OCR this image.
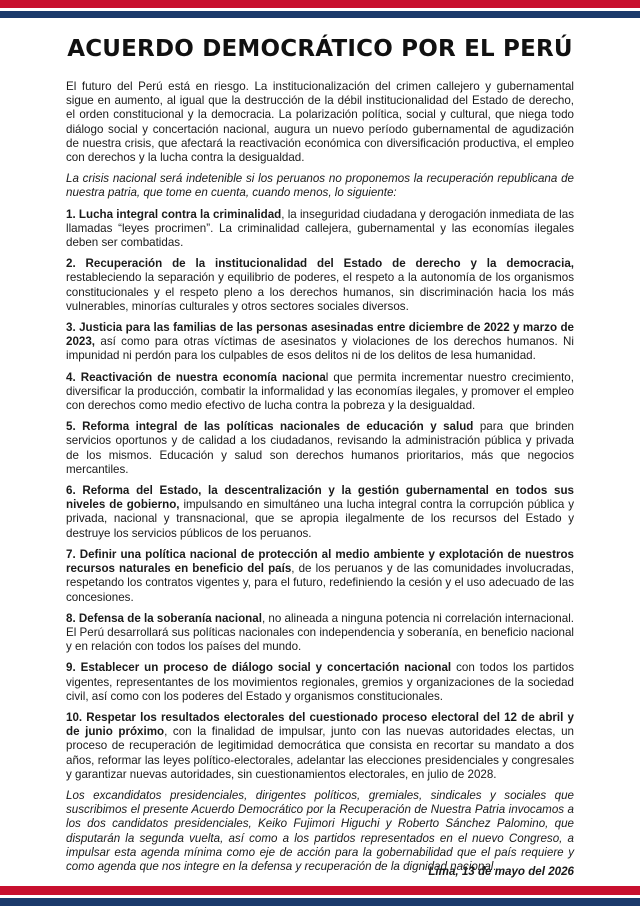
ACUERDO DEMOCRÁTICO POR EL PERÚ

El futuro del Perú está en riesgo. La institucionalización del crimen callejero y gubernamental sigue en aumento, al igual que la destrucción de la débil institucionalidad del Estado de derecho, el orden constitucional y la democracia. La polarización política, social y cultural, que niega todo diálogo social y concertación nacional, augura un nuevo período gubernamental de agudización de nuestra crisis, que afectará la reactivación económica con diversificación productiva, el empleo con derechos y la lucha contra la desigualdad.

La crisis nacional será indetenible si los peruanos no proponemos la recuperación republicana de nuestra patria, que tome en cuenta, cuando menos, lo siguiente:

1. Lucha integral contra la criminalidad, la inseguridad ciudadana y derogación inmediata de las llamadas “leyes procrimen”. La criminalidad callejera, gubernamental y las economías ilegales deben ser combatidas.

2. Recuperación de la institucionalidad del Estado de derecho y la democracia, restableciendo la separación y equilibrio de poderes, el respeto a la autonomía de los organismos constitucionales y el respeto pleno a los derechos humanos, sin discriminación hacia los más vulnerables, minorías culturales y otros sectores sociales diversos.

3. Justicia para las familias de las personas asesinadas entre diciembre de 2022 y marzo de 2023, así como para otras víctimas de asesinatos y violaciones de los derechos humanos. Ni impunidad ni perdón para los culpables de esos delitos ni de los delitos de lesa humanidad.

4. Reactivación de nuestra economía nacional que permita incrementar nuestro crecimiento, diversificar la producción, combatir la informalidad y las economías ilegales, y promover el empleo con derechos como medio efectivo de lucha contra la pobreza y la desigualdad.

5. Reforma integral de las políticas nacionales de educación y salud para que brinden servicios oportunos y de calidad a los ciudadanos, revisando la administración pública y privada de los mismos. Educación y salud son derechos humanos prioritarios, más que negocios mercantiles.

6. Reforma del Estado, la descentralización y la gestión gubernamental en todos sus niveles de gobierno, impulsando en simultáneo una lucha integral contra la corrupción pública y privada, nacional y transnacional, que se apropia ilegalmente de los recursos del Estado y destruye los servicios públicos de los peruanos.

7. Definir una política nacional de protección al medio ambiente y explotación de nuestros recursos naturales en beneficio del país, de los peruanos y de las comunidades involucradas, respetando los contratos vigentes y, para el futuro, redefiniendo la cesión y el uso adecuado de las concesiones.

8. Defensa de la soberanía nacional, no alineada a ninguna potencia ni correlación internacional. El Perú desarrollará sus políticas nacionales con independencia y soberanía, en beneficio nacional y en relación con todos los países del mundo.

9. Establecer un proceso de diálogo social y concertación nacional con todos los partidos vigentes, representantes de los movimientos regionales, gremios y organizaciones de la sociedad civil, así como con los poderes del Estado y organismos constitucionales.

10. Respetar los resultados electorales del cuestionado proceso electoral del 12 de abril y de junio próximo, con la finalidad de impulsar, junto con las nuevas autoridades electas, un proceso de recuperación de legitimidad democrática que consista en recortar su mandato a dos años, reformar las leyes político-electorales, adelantar las elecciones presidenciales y congresales y garantizar nuevas autoridades, sin cuestionamientos electorales, en julio de 2028.

Los excandidatos presidenciales, dirigentes políticos, gremiales, sindicales y sociales que suscribimos el presente Acuerdo Democrático por la Recuperación de Nuestra Patria invocamos a los dos candidatos presidenciales, Keiko Fujimori Higuchi y Roberto Sánchez Palomino, que disputarán la segunda vuelta, así como a los partidos representados en el nuevo Congreso, a impulsar esta agenda mínima como eje de acción para la gobernabilidad que el país requiere y como agenda que nos integre en la defensa y recuperación de la dignidad nacional.

Lima, 13 de mayo del 2026
